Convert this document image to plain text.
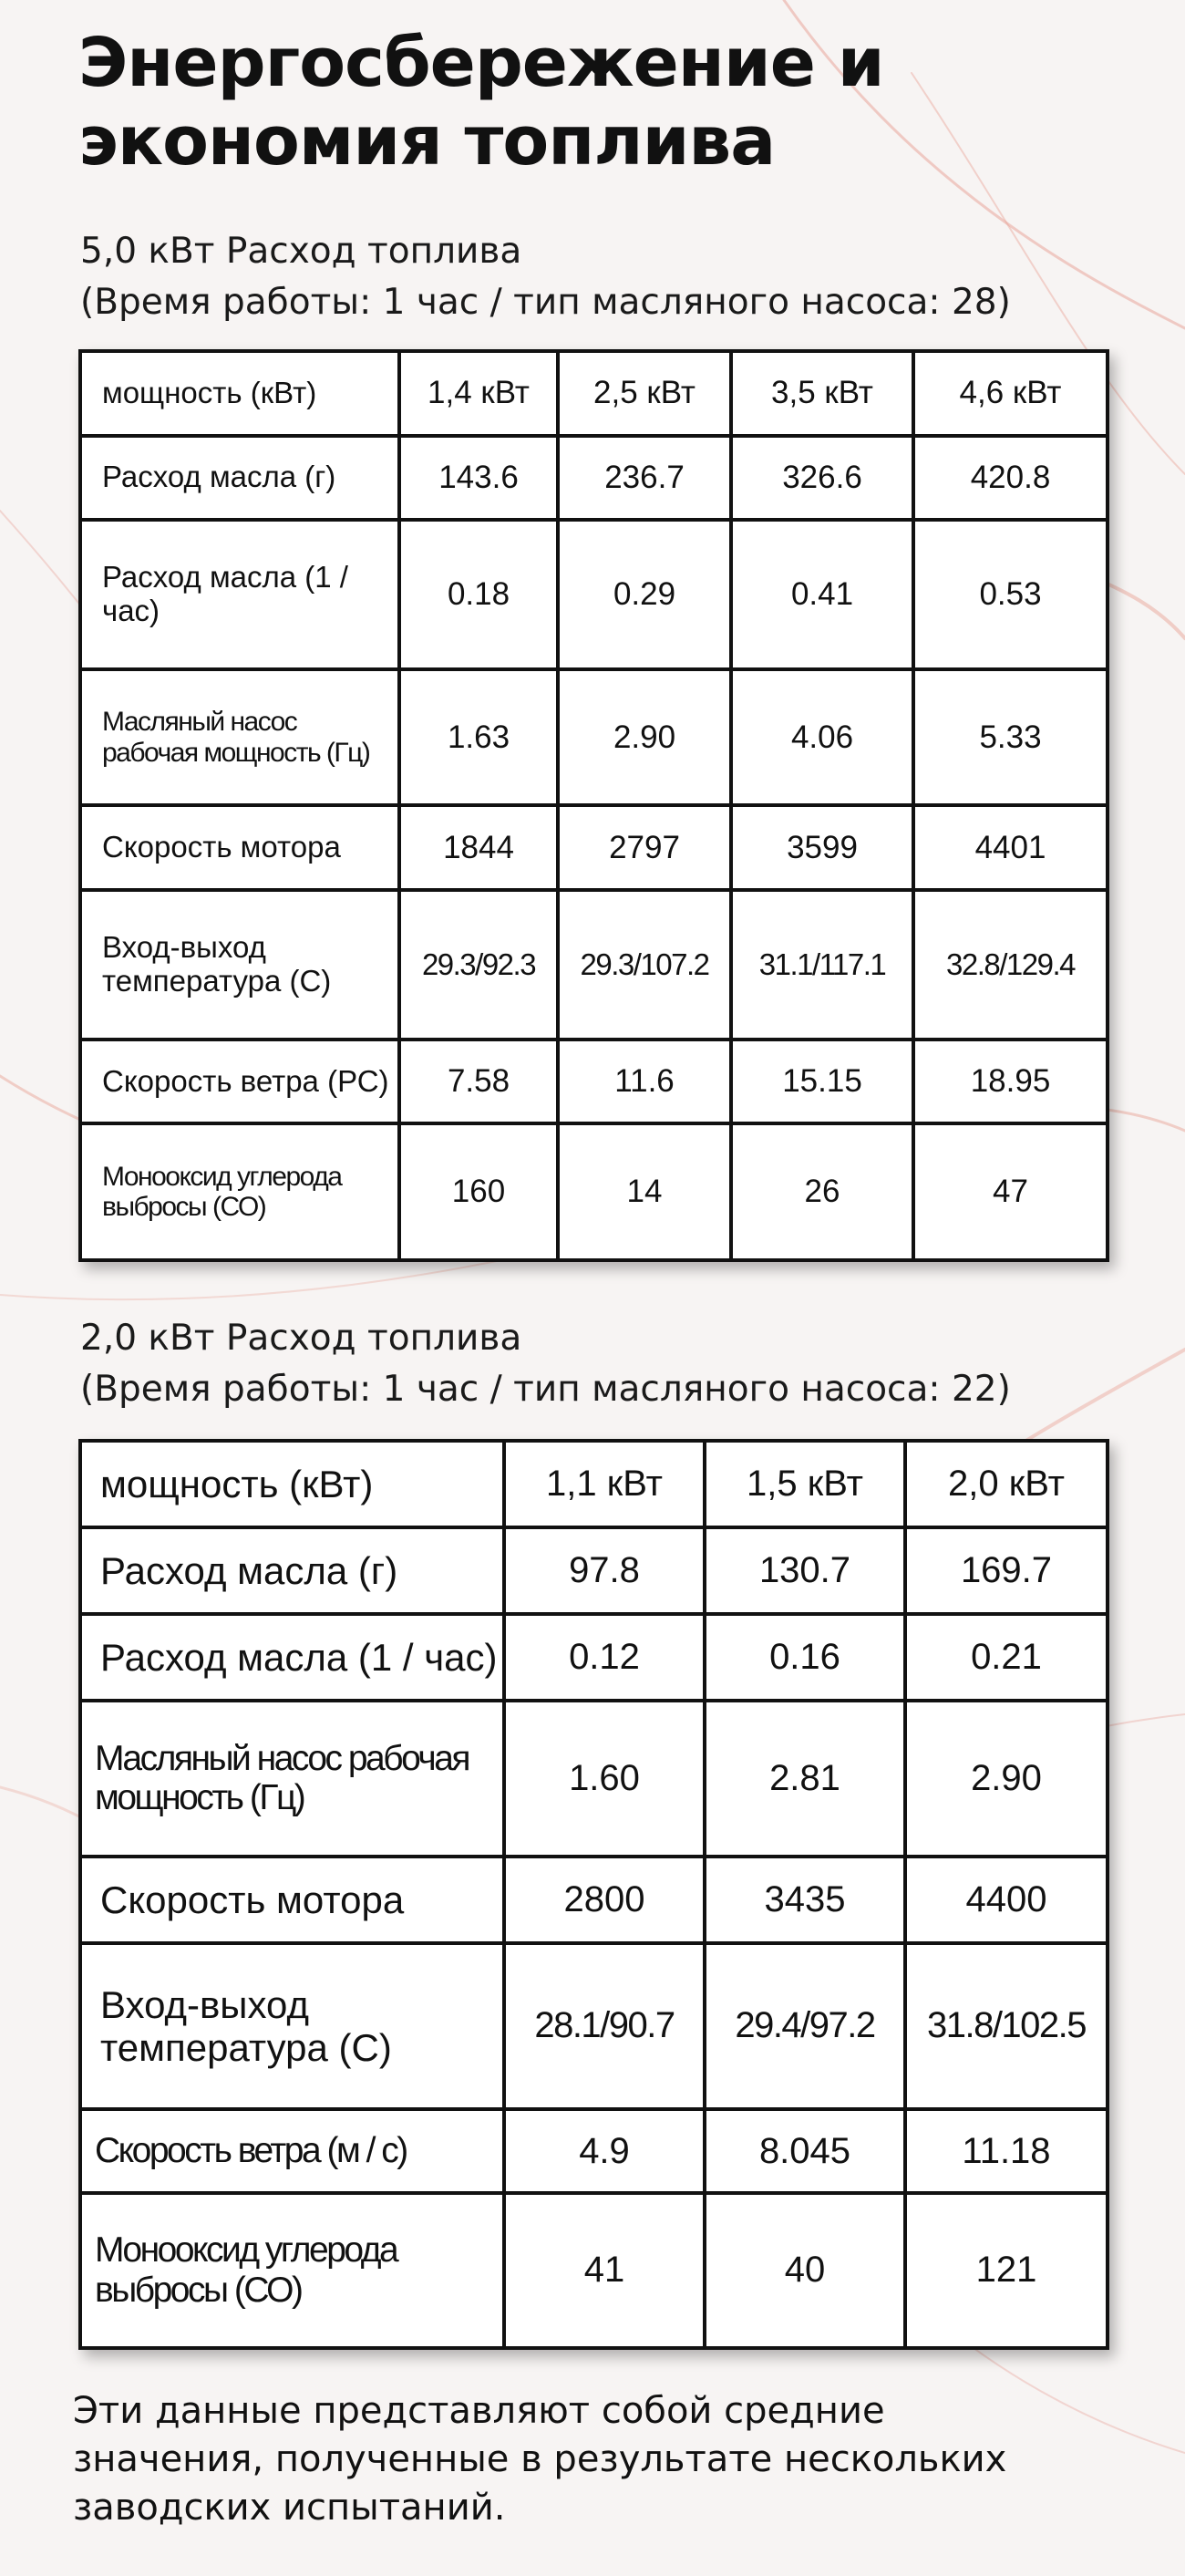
Энергосбережение и
экономия топлива
5,0 кВт Расход топлива
(Время работы: 1 час / тип масляного насоса: 28)
мощность (кВт)	1,4 кВт	2,5 кВт	3,5 кВт	4,6 кВт
Расход масла (г)	143.6	236.7	326.6	420.8
Расход масла (1 / час)	0.18	0.29	0.41	0.53
Масляный насос рабочая мощность (Гц)	1.63	2.90	4.06	5.33
Скорость мотора	1844	2797	3599	4401
Вход-выход температура (С)	29.3/92.3	29.3/107.2	31.1/117.1	32.8/129.4
Скорость ветра (РС)	7.58	11.6	15.15	18.95
Монооксид углерода выбросы (СО)	160	14	26	47
2,0 кВт Расход топлива
(Время работы: 1 час / тип масляного насоса: 22)
мощность (кВт)	1,1 кВт	1,5 кВт	2,0 кВт
Расход масла (г)	97.8	130.7	169.7
Расход масла (1 / час)	0.12	0.16	0.21
Масляный насос рабочая мощность (Гц)	1.60	2.81	2.90
Скорость мотора	2800	3435	4400
Вход-выход температура (С)	28.1/90.7	29.4/97.2	31.8/102.5
Скорость ветра (м / с)	4.9	8.045	11.18
Монооксид углерода выбросы (СО)	41	40	121
Эти данные представляют собой средние
значения, полученные в результате нескольких
заводских испытаний.
